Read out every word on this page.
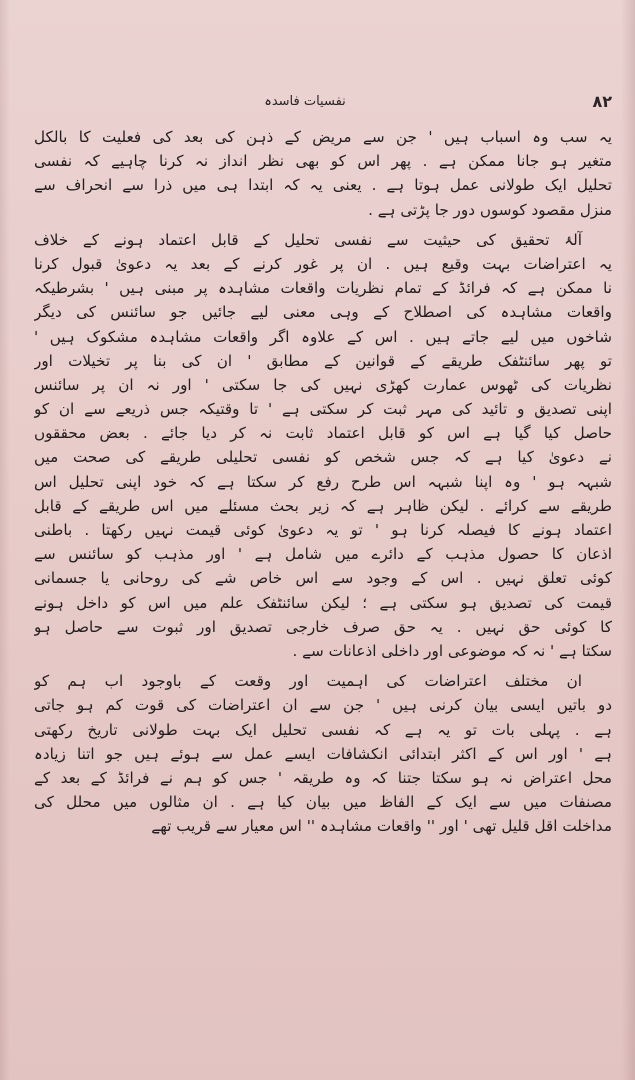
نفسیات فاسدہ	۸۲
یہ سب وہ اسباب ہیں ' جن سے مریض کے ذہن کی بعد کی فعلیت کا بالکل
متغیر ہو جانا ممکن ہے . پھر اس کو بھی نظر انداز نہ کرنا چاہیے کہ نفسی
تحلیل ایک طولانی عمل ہوتا ہے . یعنی یہ کہ ابتدا ہی میں ذرا سے انحراف سے
منزل مقصود کوسوں دور جا پڑتی ہے .
آلۂ تحقیق کی حیثیت سے نفسی تحلیل کے قابل اعتماد ہونے کے خلاف
یہ اعتراضات بہت وقیع ہیں . ان پر غور کرنے کے بعد یہ دعویٰ قبول کرنا
نا ممکن ہے کہ فرائڈ کے تمام نظریات واقعات مشاہدہ پر مبنی ہیں ' بشرطیکہ
واقعات مشاہدہ کی اصطلاح کے وہی معنی لیے جائیں جو سائنس کی دیگر
شاخوں میں لیے جاتے ہیں . اس کے علاوہ اگر واقعات مشاہدہ مشکوک ہیں '
تو پھر سائنٹفک طریقے کے قوانین کے مطابق ' ان کی بنا پر تخیلات اور
نظریات کی ٹھوس عمارت کھڑی نہیں کی جا سکتی ' اور نہ ان پر سائنس
اپنی تصدیق و تائید کی مہر ثبت کر سکتی ہے ' تا وقتیکہ جس ذریعے سے ان کو
حاصل کیا گیا ہے اس کو قابل اعتماد ثابت نہ کر دیا جائے . بعض محققوں
نے دعویٰ کیا ہے کہ جس شخص کو نفسی تحلیلی طریقے کی صحت میں
شبہہ ہو ' وہ اپنا شبہہ اس طرح رفع کر سکتا ہے کہ خود اپنی تحلیل اس
طریقے سے کرائے . لیکن ظاہر ہے کہ زیر بحث مسئلے میں اس طریقے کے قابل
اعتماد ہونے کا فیصلہ کرنا ہو ' تو یہ دعویٰ کوئی قیمت نہیں رکھتا . باطنی
اذعان کا حصول مذہب کے دائرے میں شامل ہے ' اور مذہب کو سائنس سے
کوئی تعلق نہیں . اس کے وجود سے اس خاص شے کی روحانی یا جسمانی
قیمت کی تصدیق ہو سکتی ہے ؛ لیکن سائنٹفک علم میں اس کو داخل ہونے
کا کوئی حق نہیں . یہ حق صرف خارجی تصدیق اور ثبوت سے حاصل ہو
سکتا ہے ' نہ کہ موضوعی اور داخلی اذعانات سے .
ان مختلف اعتراضات کی اہمیت اور وقعت کے باوجود اب ہم کو
دو باتیں ایسی بیان کرنی ہیں ' جن سے ان اعتراضات کی قوت کم ہو جاتی
ہے . پہلی بات تو یہ ہے کہ نفسی تحلیل ایک بہت طولانی تاریخ رکھتی
ہے ' اور اس کے اکثر ابتدائی انکشافات ایسے عمل سے ہوئے ہیں جو اتنا زیادہ
محل اعتراض نہ ہو سکتا جتنا کہ وہ طریقہ ' جس کو ہم نے فرائڈ کے بعد کے
مصنفات میں سے ایک کے الفاظ میں بیان کیا ہے . ان مثالوں میں محلل کی
مداخلت اقل قلیل تھی ' اور '' واقعات مشاہدہ '' اس معیار سے قریب تھے
